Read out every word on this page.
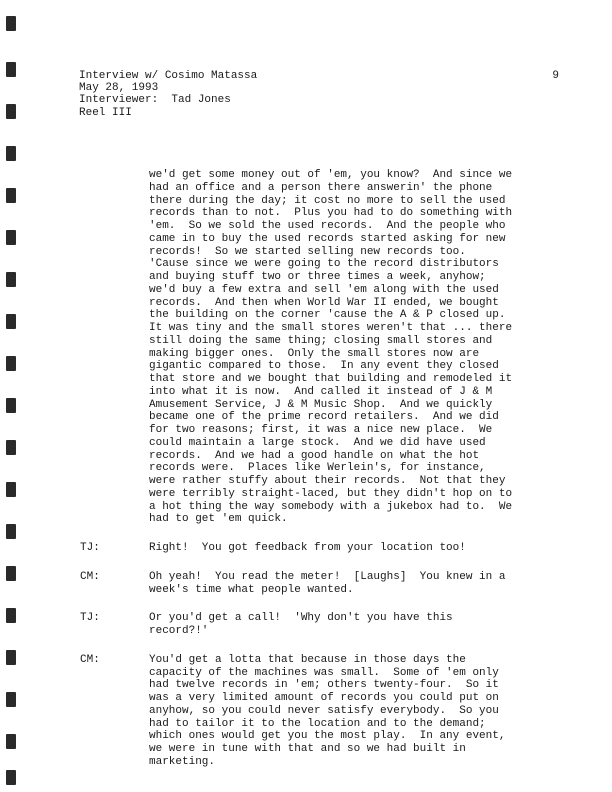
Interview w/ Cosimo Matassa	9
May 28, 1993
Interviewer:  Tad Jones
Reel III
we'd get some money out of 'em, you know?  And since we
had an office and a person there answerin' the phone
there during the day; it cost no more to sell the used
records than to not.  Plus you had to do something with
'em.  So we sold the used records.  And the people who
came in to buy the used records started asking for new
records!  So we started selling new records too.
'Cause since we were going to the record distributors
and buying stuff two or three times a week, anyhow;
we'd buy a few extra and sell 'em along with the used
records.  And then when World War II ended, we bought
the building on the corner 'cause the A & P closed up.
It was tiny and the small stores weren't that ... there
still doing the same thing; closing small stores and
making bigger ones.  Only the small stores now are
gigantic compared to those.  In any event they closed
that store and we bought that building and remodeled it
into what it is now.  And called it instead of J & M
Amusement Service, J & M Music Shop.  And we quickly
became one of the prime record retailers.  And we did
for two reasons; first, it was a nice new place.  We
could maintain a large stock.  And we did have used
records.  And we had a good handle on what the hot
records were.  Places like Werlein's, for instance,
were rather stuffy about their records.  Not that they
were terribly straight-laced, but they didn't hop on to
a hot thing the way somebody with a jukebox had to.  We
had to get 'em quick.
TJ:	Right!  You got feedback from your location too!
CM:	Oh yeah!  You read the meter!  [Laughs]  You knew in a
week's time what people wanted.
TJ:	Or you'd get a call!  'Why don't you have this
record?!'
CM:	You'd get a lotta that because in those days the
capacity of the machines was small.  Some of 'em only
had twelve records in 'em; others twenty-four.  So it
was a very limited amount of records you could put on
anyhow, so you could never satisfy everybody.  So you
had to tailor it to the location and to the demand;
which ones would get you the most play.  In any event,
we were in tune with that and so we had built in
marketing.
